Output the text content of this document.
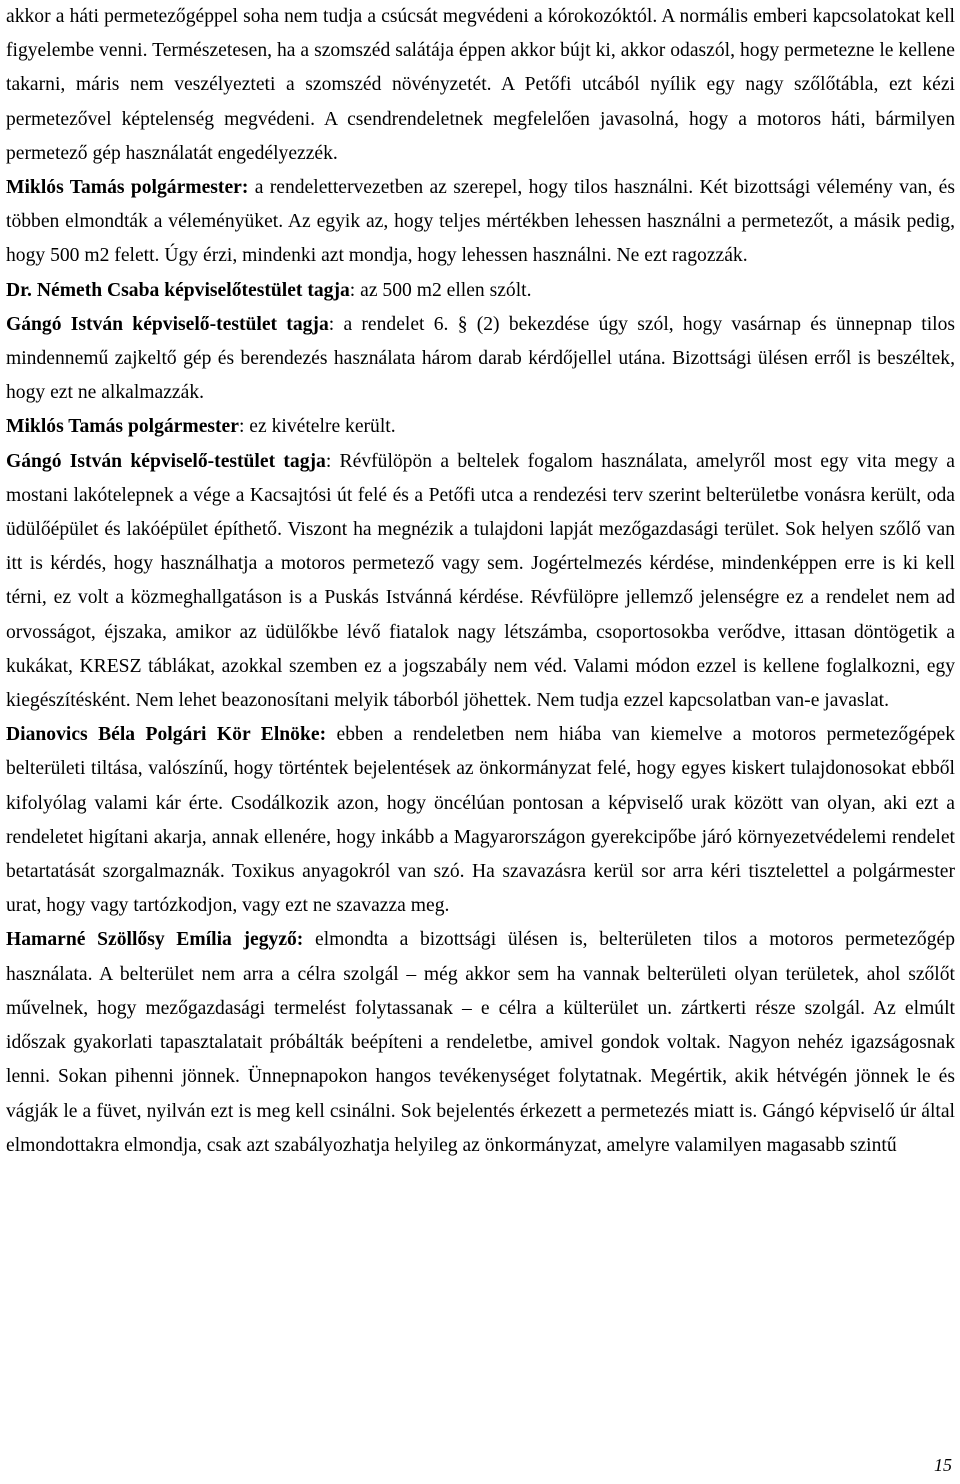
akkor a háti permetezőgéppel soha nem tudja a csúcsát megvédeni a kórokozóktól. A normális emberi kapcsolatokat kell figyelembe venni. Természetesen, ha a szomszéd salátája éppen akkor bújt ki, akkor odaszól, hogy permetezne le kellene takarni, máris nem veszélyezteti a szomszéd növényzetét. A Petőfi utcából nyílik egy nagy szőlőtábla, ezt kézi permetezővel képtelenség megvédeni. A csendrendeletnek megfelelően javasolná, hogy a motoros háti, bármilyen permetező gép használatát engedélyezzék.

Miklós Tamás polgármester: a rendelettervezetben az szerepel, hogy tilos használni. Két bizottsági vélemény van, és többen elmondták a véleményüket. Az egyik az, hogy teljes mértékben lehessen használni a permetezőt, a másik pedig, hogy 500 m2 felett. Úgy érzi, mindenki azt mondja, hogy lehessen használni. Ne ezt ragozzák.

Dr. Németh Csaba képviselőtestület tagja: az 500 m2 ellen szólt.

Gángó István képviselő-testület tagja: a rendelet 6. § (2) bekezdése úgy szól, hogy vasárnap és ünnepnap tilos mindennemű zajkeltő gép és berendezés használata három darab kérdőjellel utána. Bizottsági ülésen erről is beszéltek, hogy ezt ne alkalmazzák.

Miklós Tamás polgármester: ez kivételre került.

Gángó István képviselő-testület tagja: Révfülöpön a beltelek fogalom használata, amelyről most egy vita megy a mostani lakótelepnek a vége a Kacsajtósi út felé és a Petőfi utca a rendezési terv szerint belterületbe vonásra került, oda üdülőépület és lakóépület építhető. Viszont ha megnézik a tulajdoni lapját mezőgazdasági terület. Sok helyen szőlő van itt is kérdés, hogy használhatja a motoros permetező vagy sem. Jogértelmezés kérdése, mindenképpen erre is ki kell térni, ez volt a közmeghallgatáson is a Puskás Istvánná kérdése. Révfülöpre jellemző jelenségre ez a rendelet nem ad orvosságot, éjszaka, amikor az üdülőkbe lévő fiatalok nagy létszámba, csoportosokba verődve, ittasan döntögetik a kukákat, KRESZ táblákat, azokkal szemben ez a jogszabály nem véd. Valami módon ezzel is kellene foglalkozni, egy kiegészítésként. Nem lehet beazonosítani melyik táborból jöhettek. Nem tudja ezzel kapcsolatban van-e javaslat.

Dianovics Béla Polgári Kör Elnöke: ebben a rendeletben nem hiába van kiemelve a motoros permetezőgépek belterületi tiltása, valószínű, hogy történtek bejelentések az önkormányzat felé, hogy egyes kiskert tulajdonosokat ebből kifolyólag valami kár érte. Csodálkozik azon, hogy öncélúan pontosan a képviselő urak között van olyan, aki ezt a rendeletet higítani akarja, annak ellenére, hogy inkább a Magyarországon gyerekcipőbe járó környezetvédelemi rendelet betartatását szorgalmaznák. Toxikus anyagokról van szó. Ha szavazásra kerül sor arra kéri tisztelettel a polgármester urat, hogy vagy tartózkodjon, vagy ezt ne szavazza meg.

Hamarné Szöllősy Emília jegyző: elmondta a bizottsági ülésen is, belterületen tilos a motoros permetezőgép használata. A belterület nem arra a célra szolgál – még akkor sem ha vannak belterületi olyan területek, ahol szőlőt művelnek, hogy mezőgazdasági termelést folytassanak – e célra a külterület un. zártkerti része szolgál. Az elmúlt időszak gyakorlati tapasztalatait próbálták beépíteni a rendeletbe, amivel gondok voltak. Nagyon nehéz igazságosnak lenni. Sokan pihenni jönnek. Ünnepnapokon hangos tevékenységet folytatnak. Megértik, akik hétvégén jönnek le és vágják le a füvet, nyilván ezt is meg kell csinálni. Sok bejelentés érkezett a permetezés miatt is. Gángó képviselő úr által elmondottakra elmondja, csak azt szabályozhatja helyileg az önkormányzat, amelyre valamilyen magasabb szintű

15
